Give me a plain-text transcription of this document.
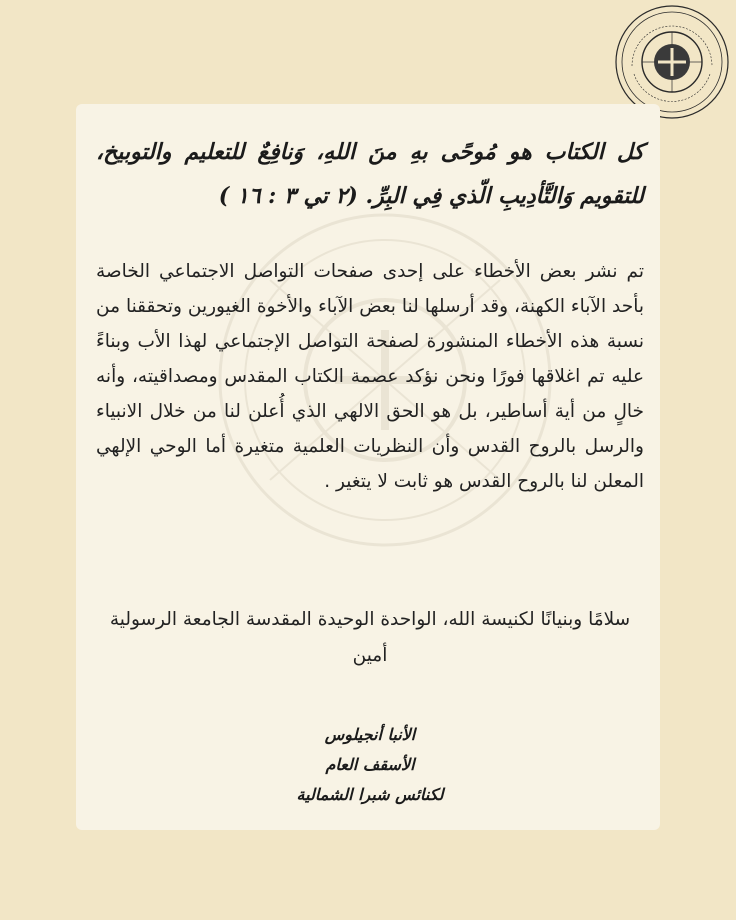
كل الكتاب هو مُوحًى بهِ منَ اللهِ، وَنافِعٌ للتعليم والتوبيخ، للتقويم وَالتَّأدِيبِ الّذي فِي البِرِّ. (٢ تي ٣ : ١٦ )

تم نشر بعض الأخطاء على إحدى صفحات التواصل الاجتماعي الخاصة بأحد الآباء الكهنة، وقد أرسلها لنا بعض الآباء والأخوة الغيورين وتحققنا من نسبة هذه الأخطاء المنشورة لصفحة التواصل الإجتماعي لهذا الأب وبناءً عليه تم اغلاقها فورًا ونحن نؤكد عصمة الكتاب المقدس ومصداقيته، وأنه خالٍ من أية أساطير، بل هو الحق الالهي الذي أُعلن لنا من خلال الانبياء والرسل بالروح القدس وأن النظريات العلمية متغيرة أما الوحي الإلهي المعلن لنا بالروح القدس هو ثابت لا يتغير .

سلامًا وبنيانًا لكنيسة الله، الواحدة الوحيدة المقدسة الجامعة الرسولية أمين

الأنبا أنجيلوس
الأسقف العام
لكنائس شبرا الشمالية
